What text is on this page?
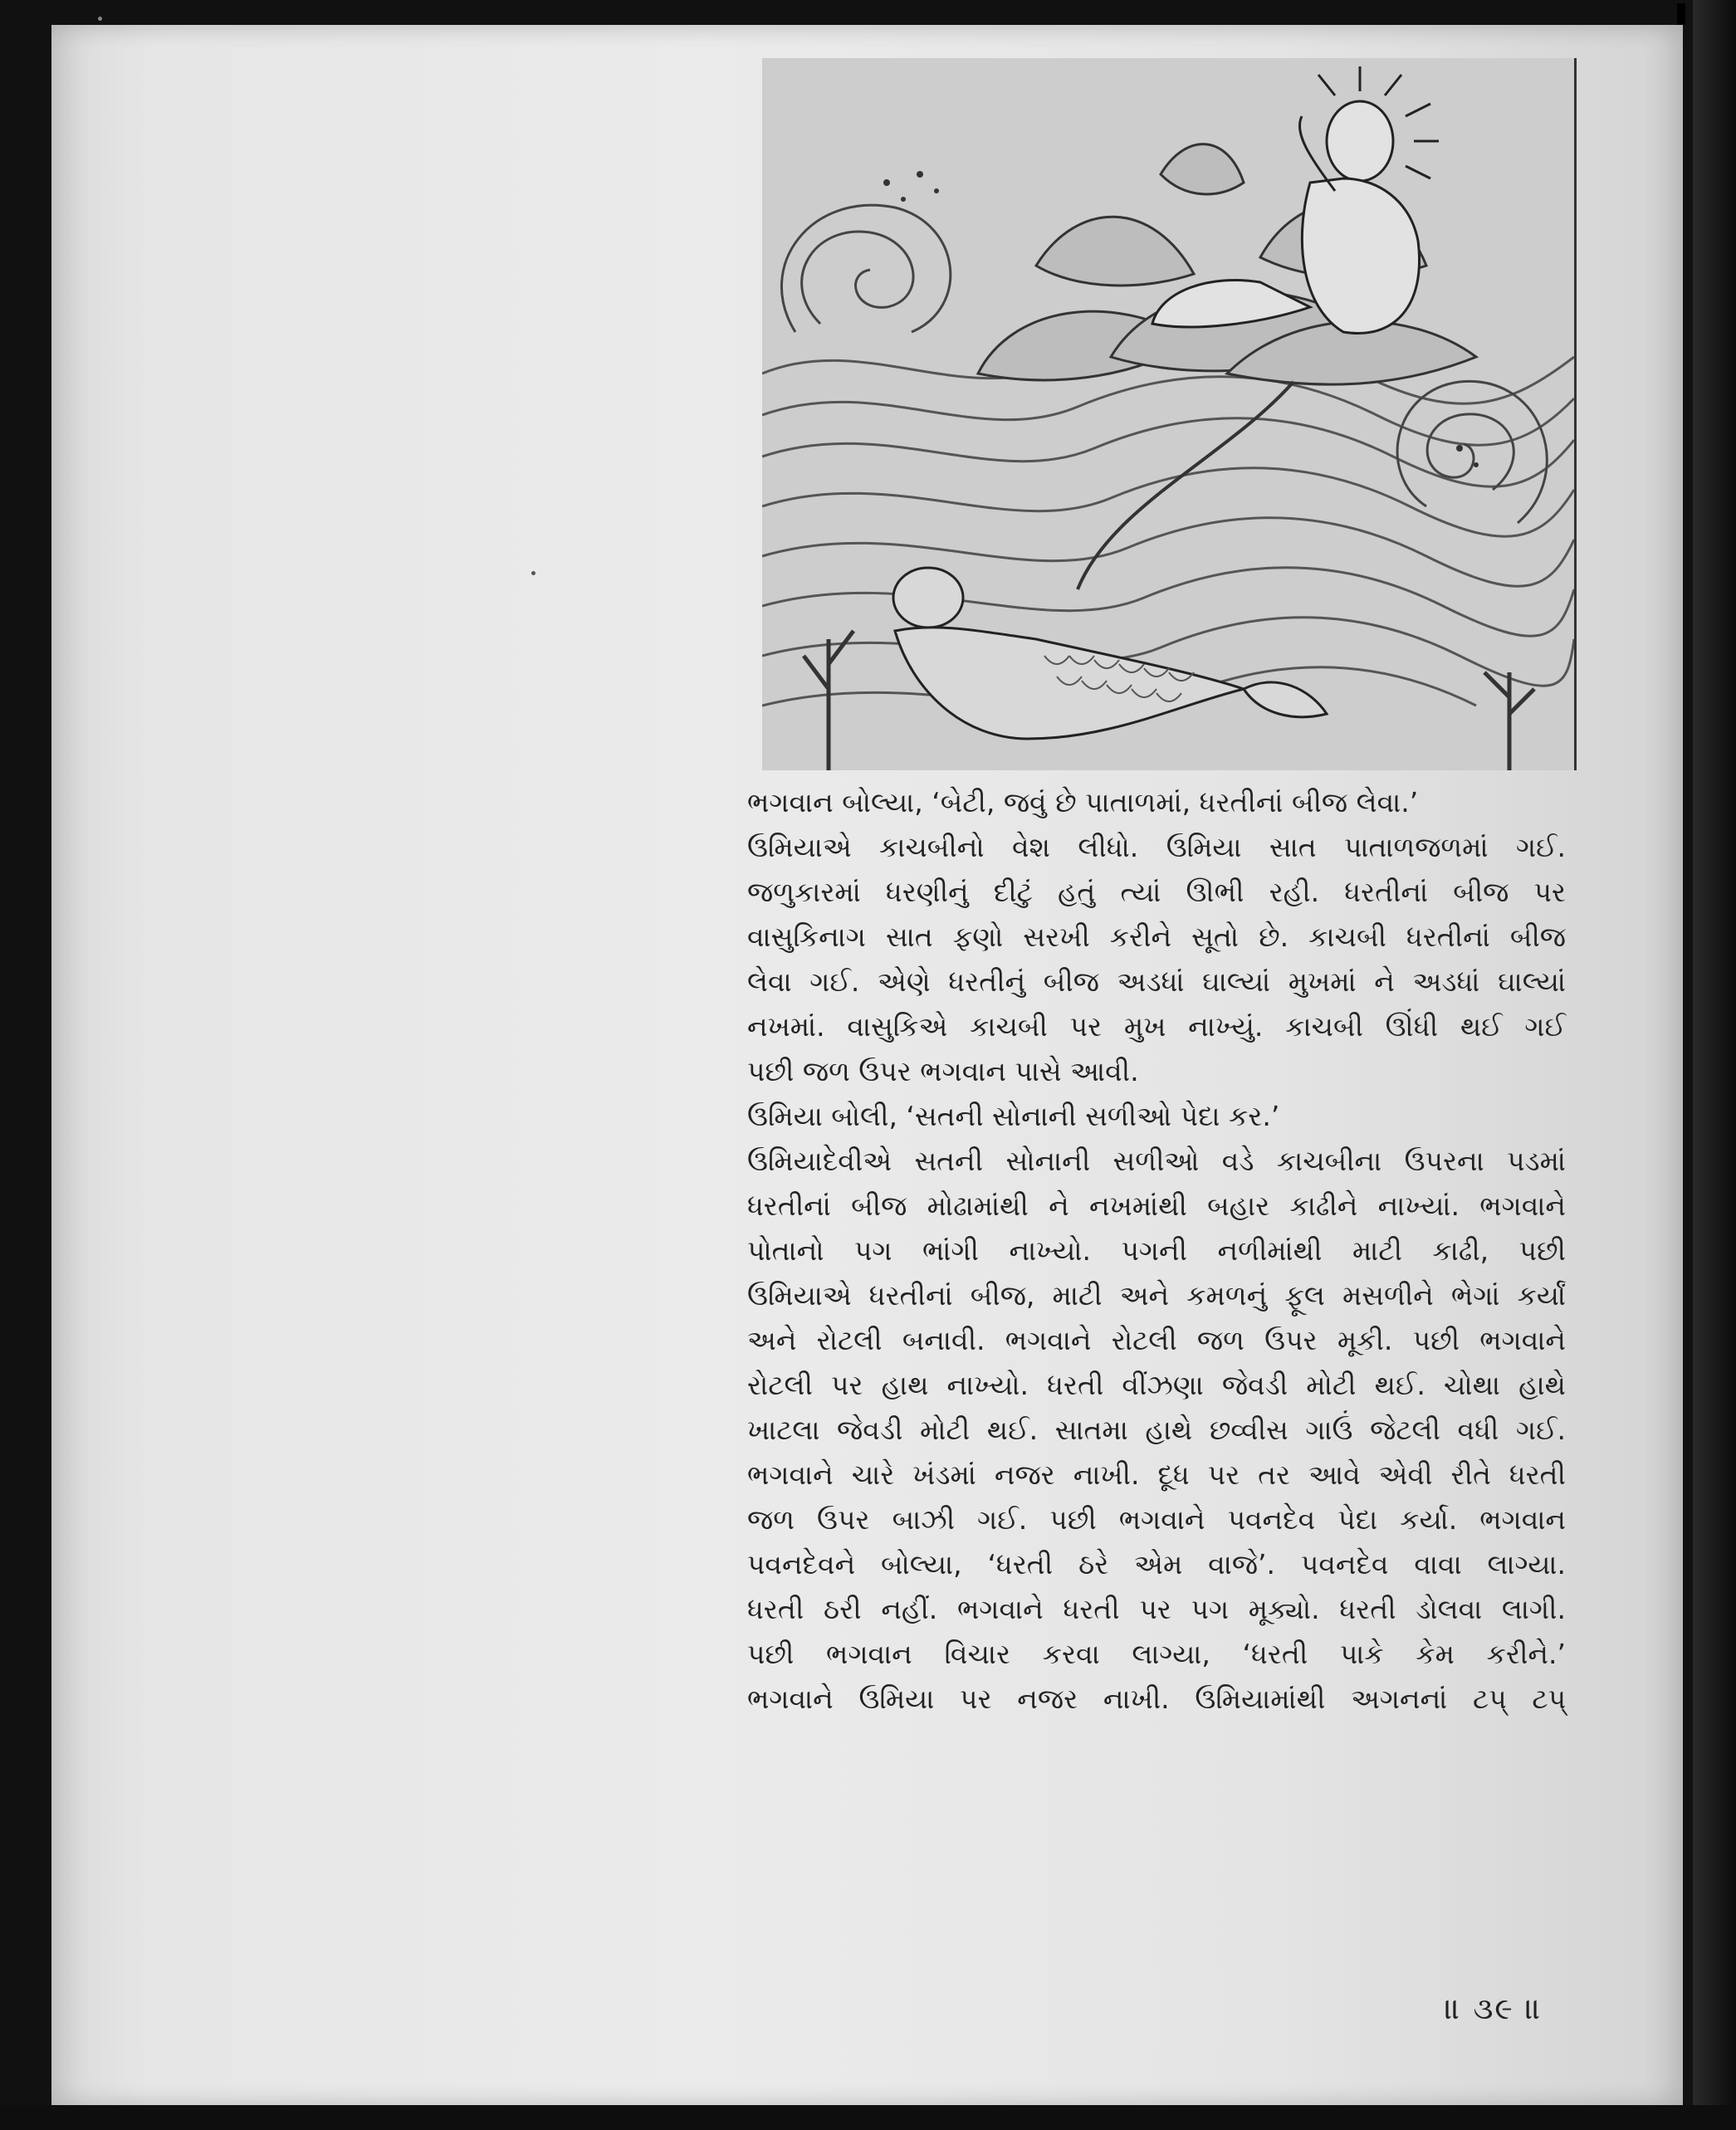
ભગવાન બોલ્યા, ‘બેટી, જવું છે પાતાળમાં, ધરતીનાં બીજ લેવા.’
ઉમિયાએ કાચબીનો વેશ લીધો. ઉમિયા સાત પાતાળજળમાં ગઈ.
જળુકારમાં ધરણીનું દીટું હતું ત્યાં ઊભી રહી. ધરતીનાં બીજ પર
વાસુકિનાગ સાત ફણો સરખી કરીને સૂતો છે. કાચબી ધરતીનાં બીજ
લેવા ગઈ. એણે ધરતીનું બીજ અડધાં ઘાલ્યાં મુખમાં ને અડધાં ઘાલ્યાં
નખમાં. વાસુકિએ કાચબી પર મુખ નાખ્યું. કાચબી ઊંધી થઈ ગઈ
પછી જળ ઉપર ભગવાન પાસે આવી.
ઉમિયા બોલી, ‘સતની સોનાની સળીઓ પેદા કર.’
ઉમિયાદેવીએ સતની સોનાની સળીઓ વડે કાચબીના ઉપરના પડમાં
ધરતીનાં બીજ મોઢામાંથી ને નખમાંથી બહાર કાઢીને નાખ્યાં. ભગવાને
પોતાનો પગ ભાંગી નાખ્યો. પગની નળીમાંથી માટી કાઢી, પછી
ઉમિયાએ ધરતીનાં બીજ, માટી અને કમળનું ફૂલ મસળીને ભેગાં કર્યાં
અને રોટલી બનાવી. ભગવાને રોટલી જળ ઉપર મૂકી. પછી ભગવાને
રોટલી પર હાથ નાખ્યો. ધરતી વીંઝણા જેવડી મોટી થઈ. ચોથા હાથે
ખાટલા જેવડી મોટી થઈ. સાતમા હાથે છવ્વીસ ગાઉં જેટલી વધી ગઈ.
ભગવાને ચારે ખંડમાં નજર નાખી. દૂધ પર તર આવે એવી રીતે ધરતી
જળ ઉપર બાઝી ગઈ. પછી ભગવાને પવનદેવ પેદા કર્યા. ભગવાન
પવનદેવને બોલ્યા, ‘ધરતી ઠરે એમ વાજે’. પવનદેવ વાવા લાગ્યા.
ધરતી ઠરી નહીં. ભગવાને ધરતી પર પગ મૂક્યો. ધરતી ડોલવા લાગી.
પછી ભગવાન વિચાર કરવા લાગ્યા, ‘ધરતી પાકે કેમ કરીને.’
ભગવાને ઉમિયા પર નજર નાખી. ઉમિયામાંથી અગનનાં ટપ્ ટપ્
॥ ૩૯ ॥
